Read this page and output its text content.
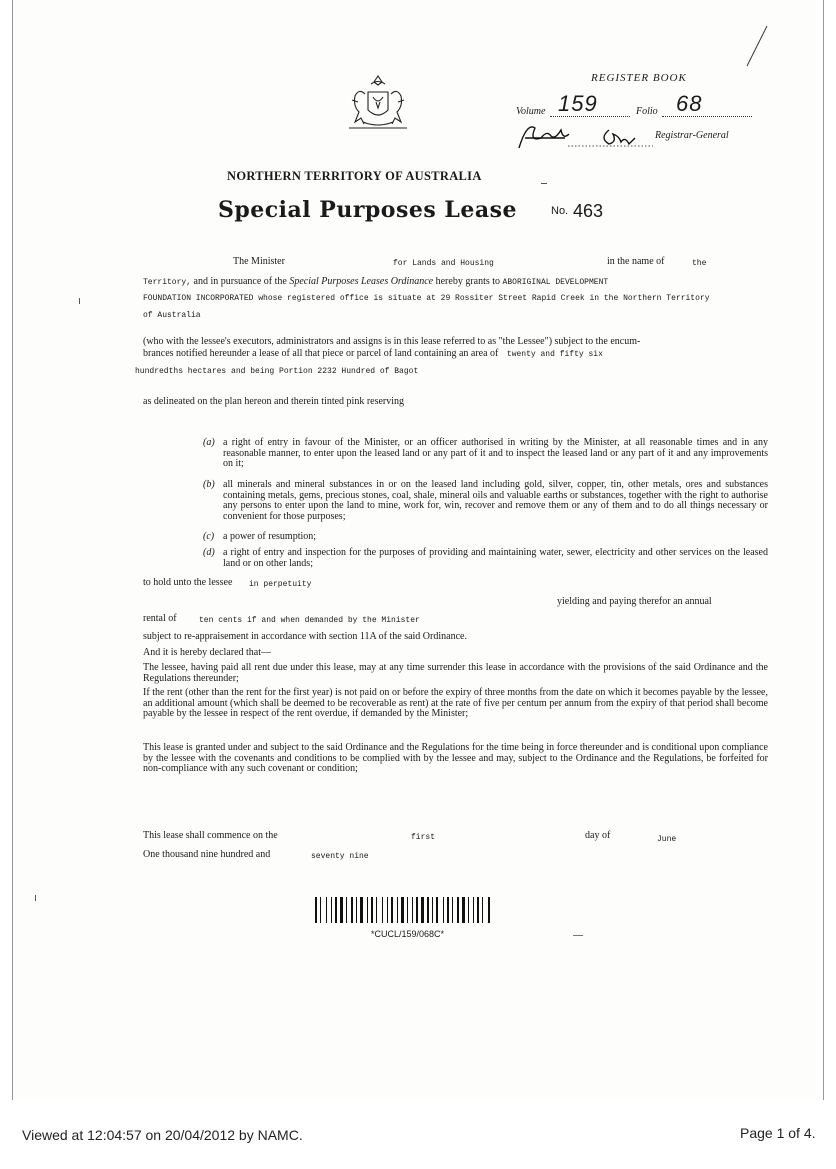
REGISTER BOOK
Volume 159	Folio 68
Registrar-General
NORTHERN TERRITORY OF AUSTRALIA
Special Purposes Lease	No. 463
The Minister	for Lands and Housing	in the name of	the
Territory, and in pursuance of the Special Purposes Leases Ordinance hereby grants to ABORIGINAL DEVELOPMENT
FOUNDATION INCORPORATED whose registered office is situate at 29 Rossiter Street Rapid Creek in the Northern Territory
of Australia
(who with the lessee's executors, administrators and assigns is in this lease referred to as "the Lessee") subject to the encum-
brances notified hereunder a lease of all that piece or parcel of land containing an area of twenty and fifty six
hundredths hectares and being Portion 2232 Hundred of Bagot
as delineated on the plan hereon and therein tinted pink reserving
(a) a right of entry in favour of the Minister, or an officer authorised in writing by the Minister, at all reasonable times and in any reasonable manner, to enter upon the leased land or any part of it and to inspect the leased land or any part of it and any improvements on it;
(b) all minerals and mineral substances in or on the leased land including gold, silver, copper, tin, other metals, ores and substances containing metals, gems, precious stones, coal, shale, mineral oils and valuable earths or substances, together with the right to authorise any persons to enter upon the land to mine, work for, win, recover and remove them or any of them and to do all things necessary or convenient for those purposes;
(c) a power of resumption;
(d) a right of entry and inspection for the purposes of providing and maintaining water, sewer, electricity and other services on the leased land or on other lands;
to hold unto the lessee in perpetuity
yielding and paying therefor an annual
rental of	ten cents if and when demanded by the Minister
subject to re-appraisement in accordance with section 11A of the said Ordinance.
And it is hereby declared that—
The lessee, having paid all rent due under this lease, may at any time surrender this lease in accordance with the provisions of the said Ordinance and the Regulations thereunder;
If the rent (other than the rent for the first year) is not paid on or before the expiry of three months from the date on which it becomes payable by the lessee, an additional amount (which shall be deemed to be recoverable as rent) at the rate of five per centum per annum from the expiry of that period shall become payable by the lessee in respect of the rent overdue, if demanded by the Minister;
This lease is granted under and subject to the said Ordinance and the Regulations for the time being in force thereunder and is conditional upon compliance by the lessee with the covenants and conditions to be complied with by the lessee and may, subject to the Ordinance and the Regulations, be forfeited for non-compliance with any such covenant or condition;
This lease shall commence on the	first	day of	June
One thousand nine hundred and	seventy nine
*CUCL/159/068C*
Viewed at 12:04:57 on 20/04/2012 by NAMC.	Page 1 of 4.
